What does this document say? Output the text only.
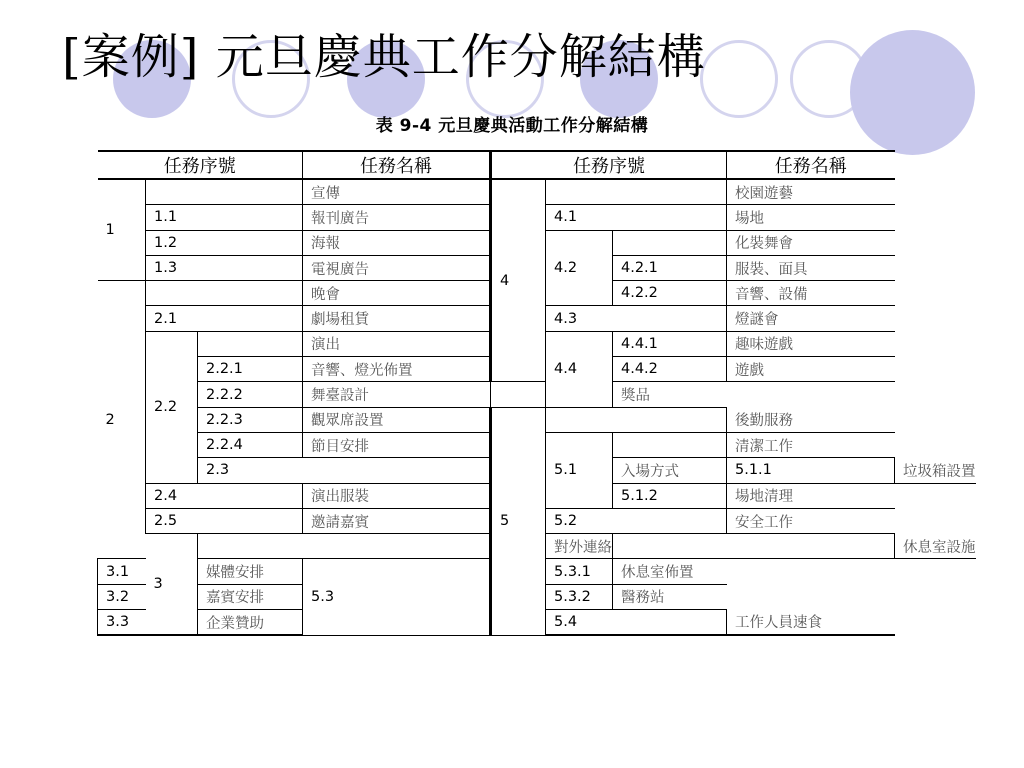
[案例] 元旦慶典工作分解結構
表 9-4 元旦慶典活動工作分解結構
任務序號			任務名稱	任務序號			任務名稱	
1			宣傳	4			校園遊藝	
	1.1		報刊廣告		4.1		場地	
	1.2		海報		4.2		化裝舞會	
	1.3		電視廣告			4.2.1	服裝、面具	
2			晚會			4.2.2	音響、設備	
	2.1		劇場租賃		4.3		燈謎會	
	2.2		演出		4.4	4.4.1	趣味遊戲	
		2.2.1	音響、燈光佈置			4.4.2	遊戲	
		2.2.2	舞臺設計			獎品		
		2.2.3	觀眾席設置	5			後勤服務	
		2.2.4	節目安排		5.1		清潔工作	
		2.3				入場方式	5.1.1	垃圾箱設置
	2.4		演出服裝			5.1.2	場地清理	
	2.5		邀請嘉賓		5.2		安全工作	
	3				對外連絡			休息室設施
3.1		媒體安排	5.3		5.3.1	休息室佈置		
3.2		嘉賓安排			5.3.2	醫務站		
3.3		企業贊助			5.4		工作人員速食	
